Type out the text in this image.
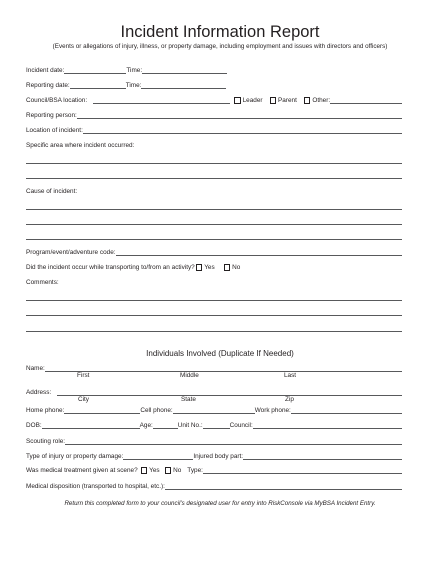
Incident Information Report
(Events or allegations of injury, illness, or property damage, including employment and issues with directors and officers)
Incident date:	Time:
Reporting date:	Time:
Council/BSA location:	Leader Parent Other:
Reporting person:
Location of incident:
Specific area where incident occurred:
Cause of incident:
Program/event/adventure code:
Did the incident occur while transporting to/from an activity? Yes	No
Comments:
Individuals Involved (Duplicate If Needed)
Name:
First	Middle	Last
Address:
City	State	Zip
Home phone:	Cell phone:	Work phone:
DOB:	Age:	Unit No.:	Council:
Scouting role:
Type of injury or property damage:	Injured body part:
Was medical treatment given at scene? Yes No Type:
Medical disposition (transported to hospital, etc.):
Return this completed form to your council’s designated user for entry into RiskConsole via MyBSA Incident Entry.
